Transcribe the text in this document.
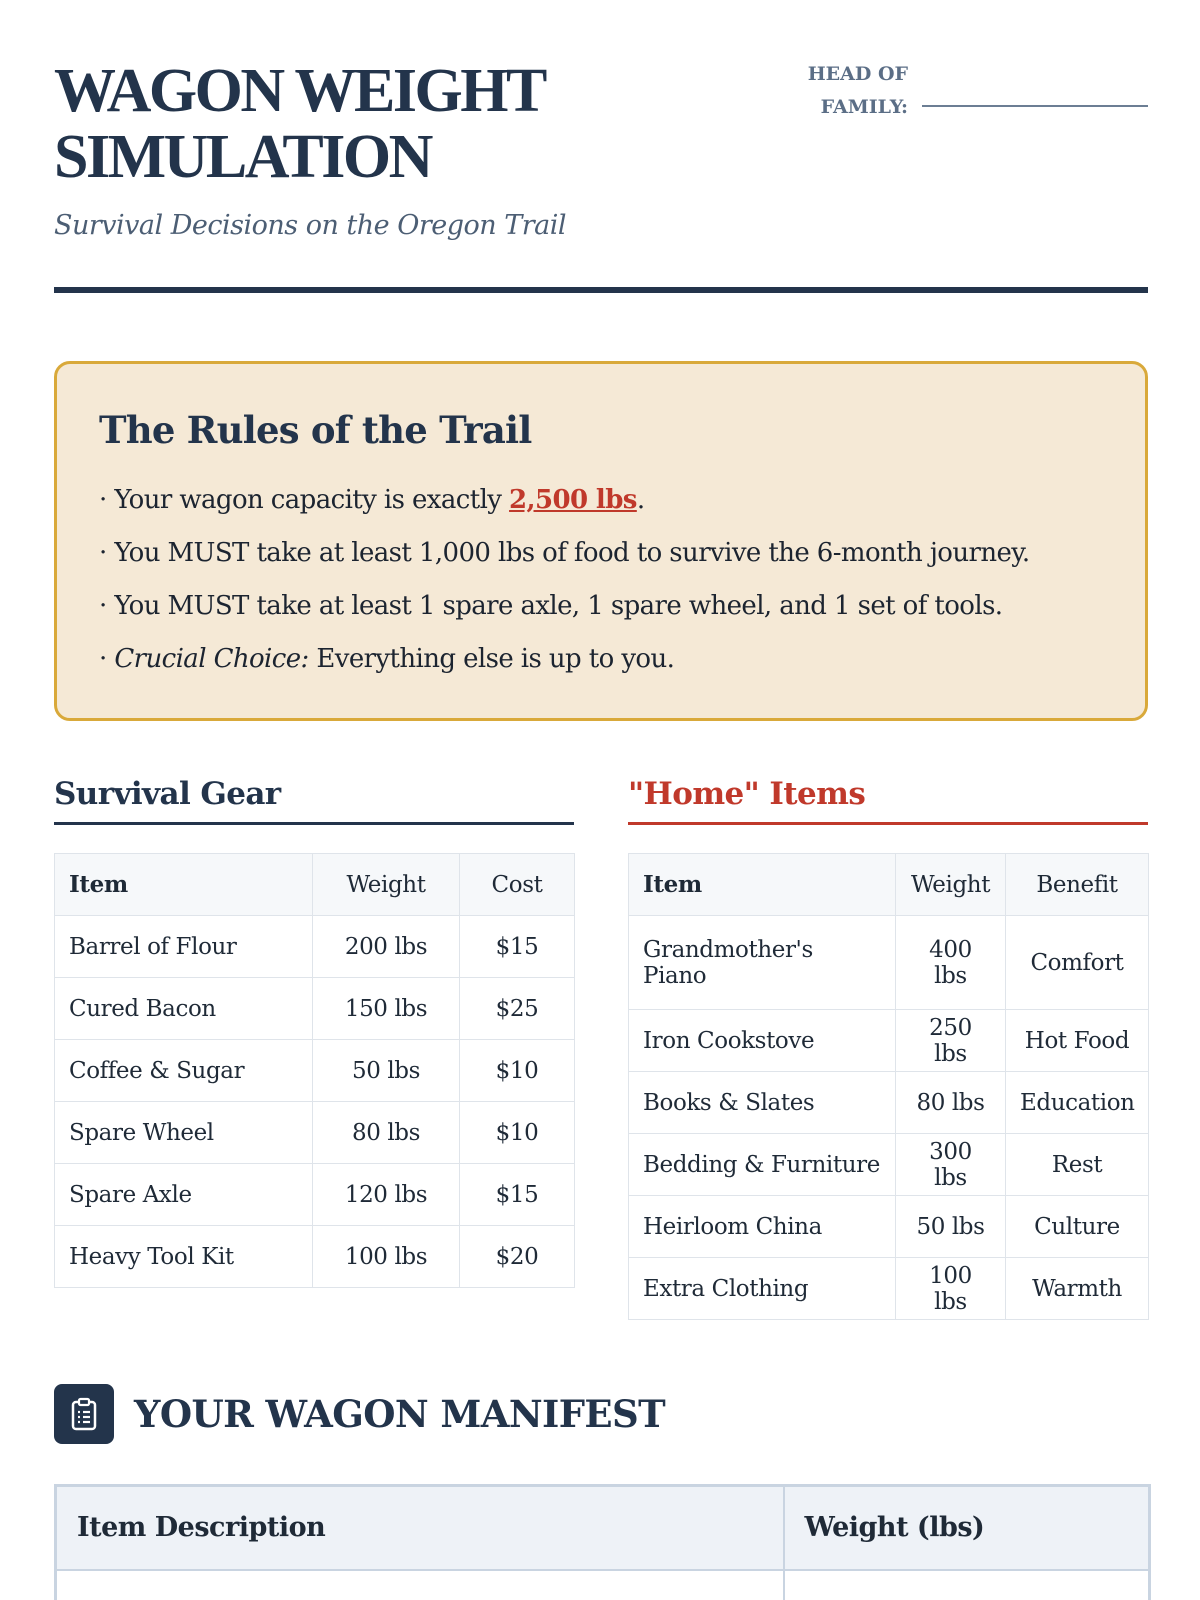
WAGON WEIGHT SIMULATION
Survival Decisions on the Oregon Trail
HEAD OF FAMILY:
The Rules of the Trail
· Your wagon capacity is exactly 2,500 lbs.
· You MUST take at least 1,000 lbs of food to survive the 6-month journey.
· You MUST take at least 1 spare axle, 1 spare wheel, and 1 set of tools.
· Crucial Choice: Everything else is up to you.
Survival Gear
Item	Weight	Cost
Barrel of Flour	200 lbs	$15
Cured Bacon	150 lbs	$25
Coffee & Sugar	50 lbs	$10
Spare Wheel	80 lbs	$10
Spare Axle	120 lbs	$15
Heavy Tool Kit	100 lbs	$20
"Home" Items
Item	Weight	Benefit
Grandmother's Piano	400 lbs	Comfort
Iron Cookstove	250 lbs	Hot Food
Books & Slates	80 lbs	Education
Bedding & Furniture	300 lbs	Rest
Heirloom China	50 lbs	Culture
Extra Clothing	100 lbs	Warmth
YOUR WAGON MANIFEST
Item Description	Weight (lbs)
